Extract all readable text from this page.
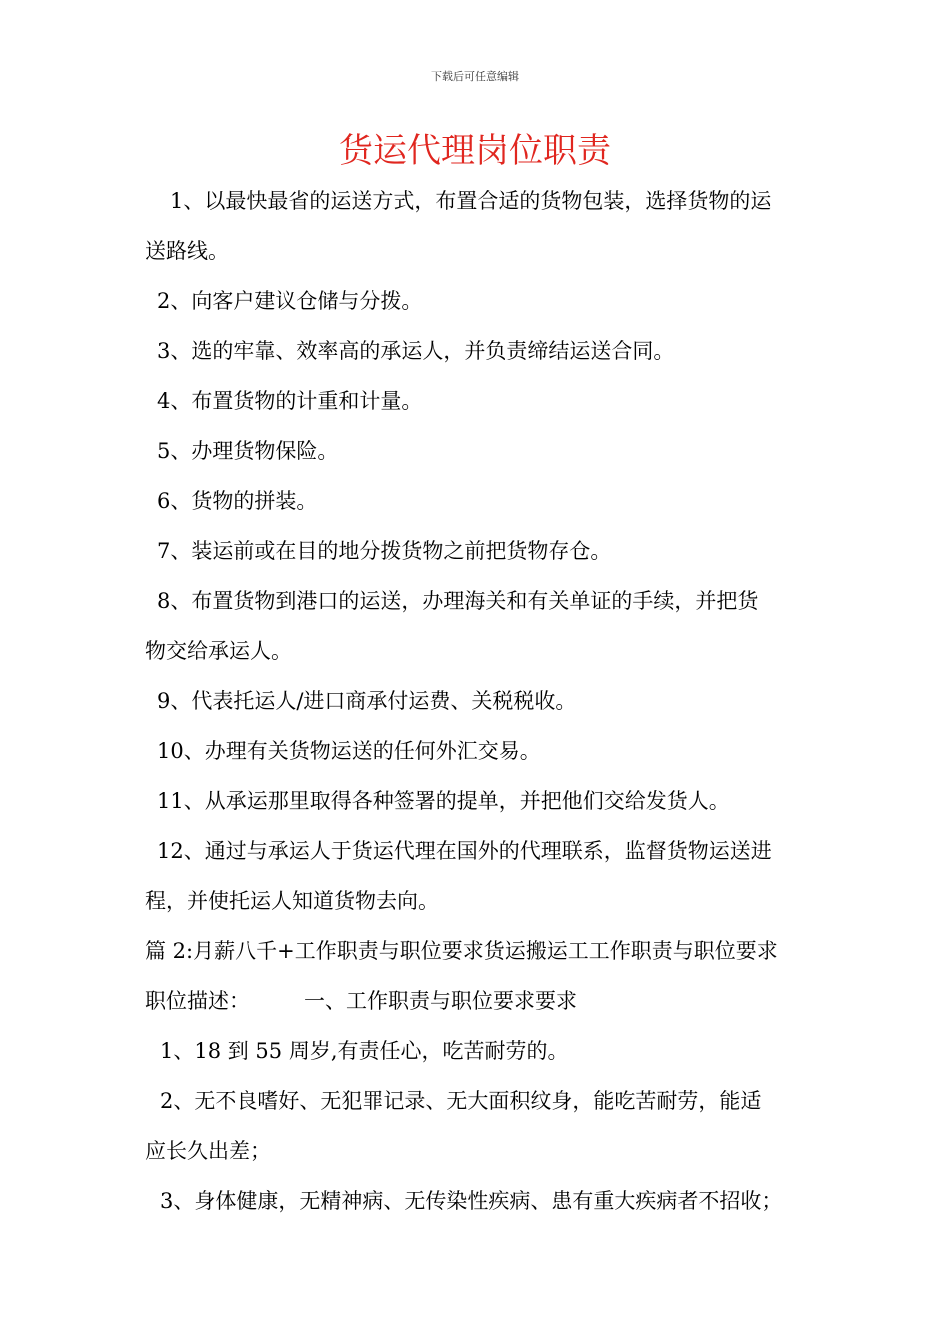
下载后可任意编辑
货运代理岗位职责
1、以最快最省的运送方式，布置合适的货物包装，选择货物的运
送路线。
2、向客户建议仓储与分拨。
3、选的牢靠、效率高的承运人，并负责缔结运送合同。
4、布置货物的计重和计量。
5、办理货物保险。
6、货物的拼装。
7、装运前或在目的地分拨货物之前把货物存仓。
8、布置货物到港口的运送，办理海关和有关单证的手续，并把货
物交给承运人。
9、代表托运人/进口商承付运费、关税税收。
10、办理有关货物运送的任何外汇交易。
11、从承运那里取得各种签署的提单，并把他们交给发货人。
12、通过与承运人于货运代理在国外的代理联系，监督货物运送进
程，并使托运人知道货物去向。
篇 2:月薪八千+工作职责与职位要求货运搬运工工作职责与职位要求
职位描述：	一、工作职责与职位要求要求
1、18 到 55 周岁,有责任心，吃苦耐劳的。
2、无不良嗜好、无犯罪记录、无大面积纹身，能吃苦耐劳，能适
应长久出差；
3、身体健康，无精神病、无传染性疾病、患有重大疾病者不招收；
